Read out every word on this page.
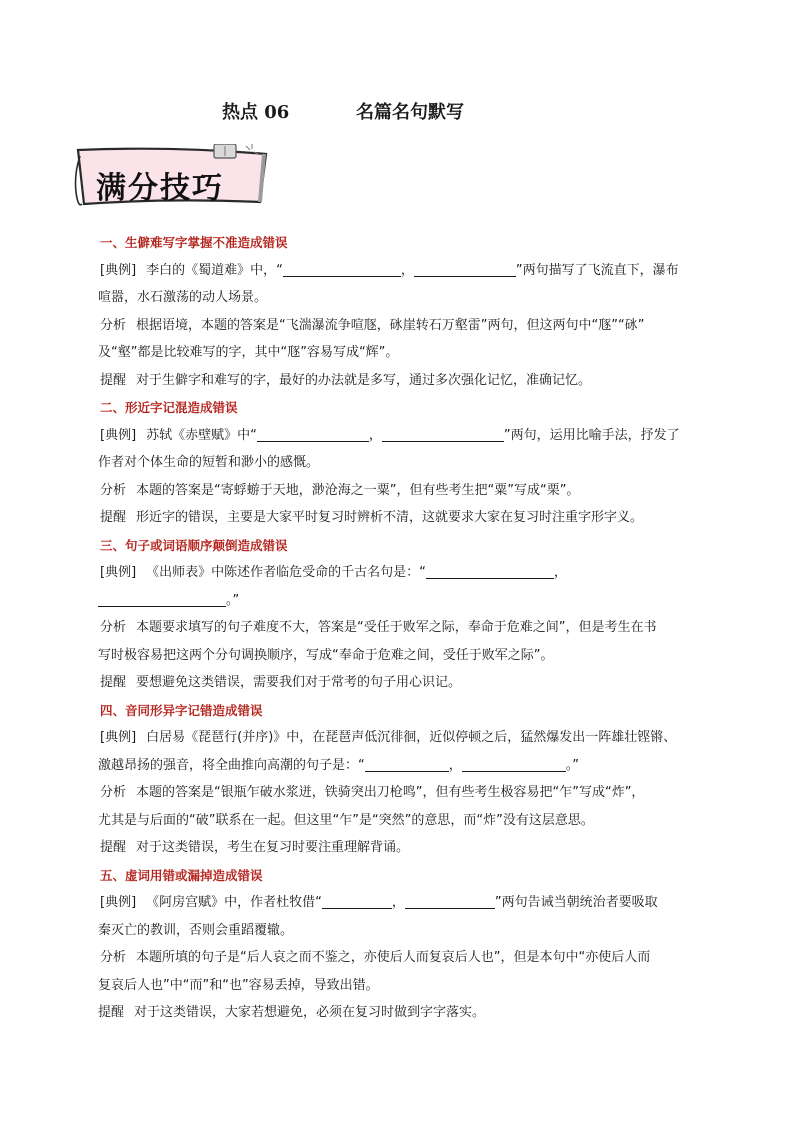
热点 06	名篇名句默写
满分技巧
一、生僻难写字掌握不准造成错误
[典例] 李白的《蜀道难》中，“	，	”两句描写了飞流直下，瀑布
喧嚣，水石激荡的动人场景。
分析 根据语境，本题的答案是“飞湍瀑流争喧豗，砯崖转石万壑雷”两句，但这两句中“豗”“砯”
及“壑”都是比较难写的字，其中“豗”容易写成“辉”。
提醒 对于生僻字和难写的字，最好的办法就是多写，通过多次强化记忆，准确记忆。
二、形近字记混造成错误
[典例] 苏轼《赤壁赋》中“	，	”两句，运用比喻手法，抒发了
作者对个体生命的短暂和渺小的感慨。
分析 本题的答案是“寄蜉蝣于天地，渺沧海之一粟”，但有些考生把“粟”写成“栗”。
提醒 形近字的错误，主要是大家平时复习时辨析不清，这就要求大家在复习时注重字形字义。
三、句子或词语顺序颠倒造成错误
[典例] 《出师表》中陈述作者临危受命的千古名句是：“	，
。”
分析 本题要求填写的句子难度不大，答案是“受任于败军之际，奉命于危难之间”，但是考生在书
写时极容易把这两个分句调换顺序，写成“奉命于危难之间，受任于败军之际”。
提醒 要想避免这类错误，需要我们对于常考的句子用心识记。
四、音同形异字记错造成错误
[典例] 白居易《琵琶行(并序)》中，在琵琶声低沉徘徊，近似停顿之后，猛然爆发出一阵雄壮铿锵、
激越昂扬的强音，将全曲推向高潮的句子是：“	，	。”
分析 本题的答案是“银瓶乍破水浆迸，铁骑突出刀枪鸣”，但有些考生极容易把“乍”写成“炸”，
尤其是与后面的“破”联系在一起。但这里“乍”是“突然”的意思，而“炸”没有这层意思。
提醒 对于这类错误，考生在复习时要注重理解背诵。
五、虚词用错或漏掉造成错误
[典例] 《阿房宫赋》中，作者杜牧借“	，	”两句告诫当朝统治者要吸取
秦灭亡的教训，否则会重蹈覆辙。
分析 本题所填的句子是“后人哀之而不鉴之，亦使后人而复哀后人也”，但是本句中“亦使后人而
复哀后人也”中“而”和“也”容易丢掉，导致出错。
提醒 对于这类错误，大家若想避免，必须在复习时做到字字落实。
